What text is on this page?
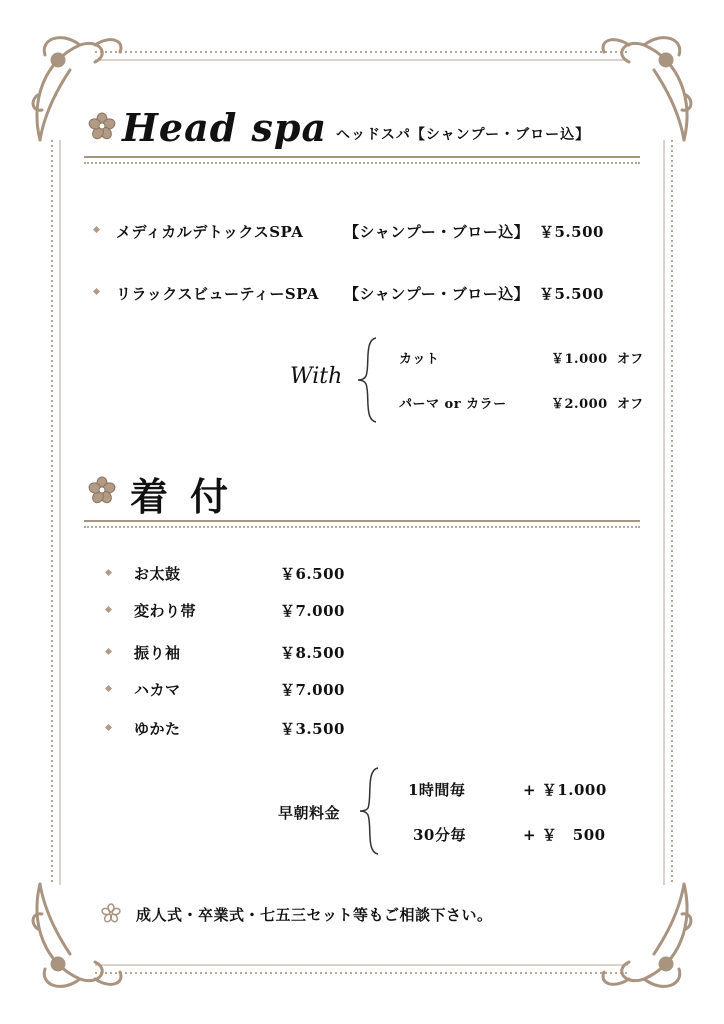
Head spa ヘッドスパ【シャンプー・ブロー込】
メディカルデトックスSPA	【シャンプー・ブロー込】 ￥5.500
リラックスビューティーSPA 【シャンプー・ブロー込】 ￥5.500
With
カット	￥1.000 オフ
パーマ or カラー	￥2.000 オフ
着付
お太鼓	￥6.500
変わり帯	￥7.000
振り袖	￥8.500
ハカマ	￥7.000
ゆかた	￥3.500
早朝料金
1時間毎	+ ￥1.000
30分毎	+ ￥　500
成人式・卒業式・七五三セット等もご相談下さい。
